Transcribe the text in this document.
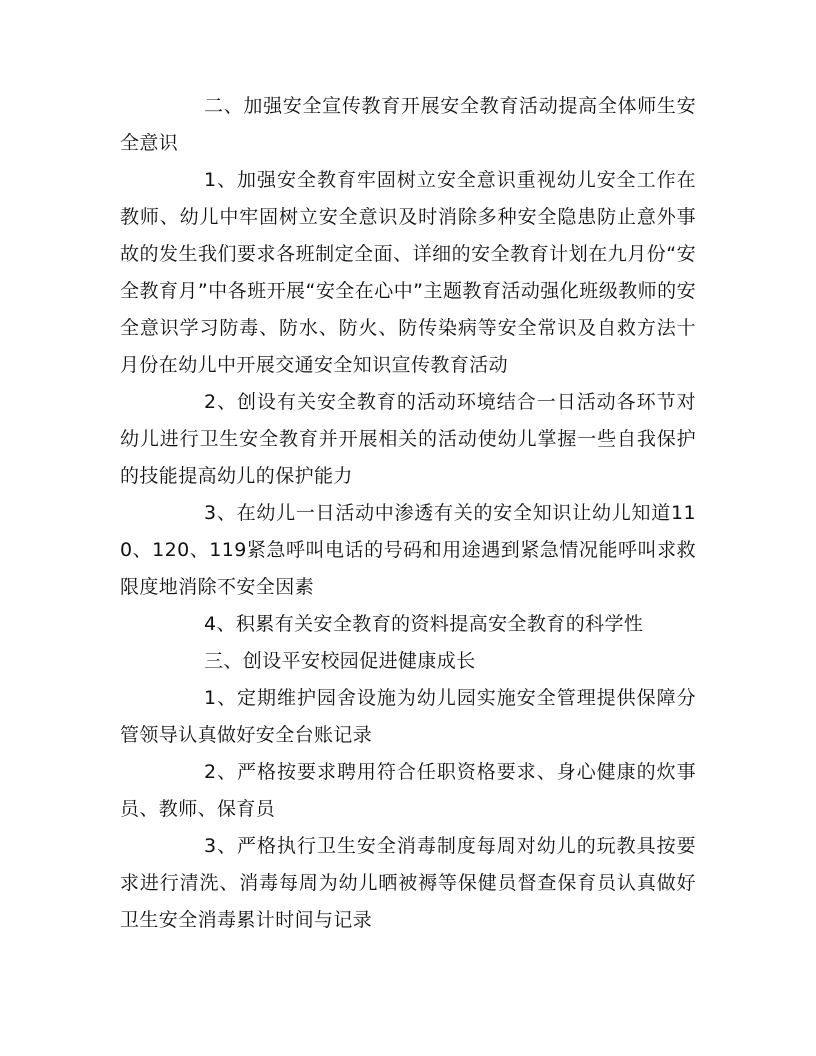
二、加强安全宣传教育开展安全教育活动提高全体师生安全意识

1、加强安全教育牢固树立安全意识重视幼儿安全工作在教师、幼儿中牢固树立安全意识及时消除多种安全隐患防止意外事故的发生我们要求各班制定全面、详细的安全教育计划在九月份“安全教育月”中各班开展“安全在心中”主题教育活动强化班级教师的安全意识学习防毒、防水、防火、防传染病等安全常识及自救方法十月份在幼儿中开展交通安全知识宣传教育活动

2、创设有关安全教育的活动环境结合一日活动各环节对幼儿进行卫生安全教育并开展相关的活动使幼儿掌握一些自我保护的技能提高幼儿的保护能力

3、在幼儿一日活动中渗透有关的安全知识让幼儿知道110、120、119紧急呼叫电话的号码和用途遇到紧急情况能呼叫求救限度地消除不安全因素

4、积累有关安全教育的资料提高安全教育的科学性

三、创设平安校园促进健康成长

1、定期维护园舍设施为幼儿园实施安全管理提供保障分管领导认真做好安全台账记录

2、严格按要求聘用符合任职资格要求、身心健康的炊事员、教师、保育员

3、严格执行卫生安全消毒制度每周对幼儿的玩教具按要求进行清洗、消毒每周为幼儿晒被褥等保健员督查保育员认真做好卫生安全消毒累计时间与记录
